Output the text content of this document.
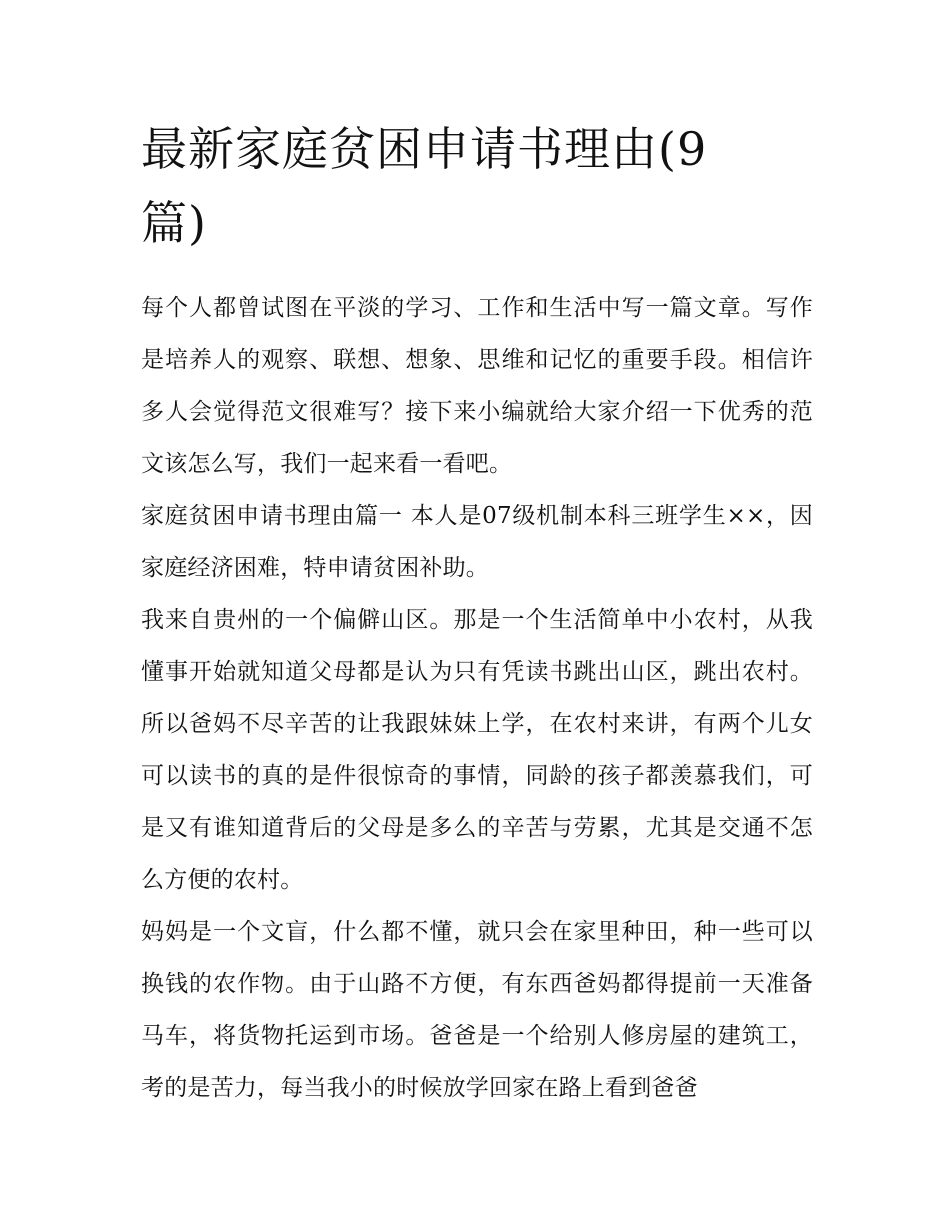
最新家庭贫困申请书理由(9篇)

每个人都曾试图在平淡的学习、工作和生活中写一篇文章。写作是培养人的观察、联想、想象、思维和记忆的重要手段。相信许多人会觉得范文很难写？接下来小编就给大家介绍一下优秀的范文该怎么写，我们一起来看一看吧。

家庭贫困申请书理由篇一 本人是07级机制本科三班学生××，因家庭经济困难，特申请贫困补助。

我来自贵州的一个偏僻山区。那是一个生活简单中小农村，从我懂事开始就知道父母都是认为只有凭读书跳出山区，跳出农村。所以爸妈不尽辛苦的让我跟妹妹上学，在农村来讲，有两个儿女可以读书的真的是件很惊奇的事情，同龄的孩子都羡慕我们，可是又有谁知道背后的父母是多么的辛苦与劳累，尤其是交通不怎么方便的农村。

妈妈是一个文盲，什么都不懂，就只会在家里种田，种一些可以换钱的农作物。由于山路不方便，有东西爸妈都得提前一天准备马车，将货物托运到市场。爸爸是一个给别人修房屋的建筑工，考的是苦力，每当我小的时候放学回家在路上看到爸爸
